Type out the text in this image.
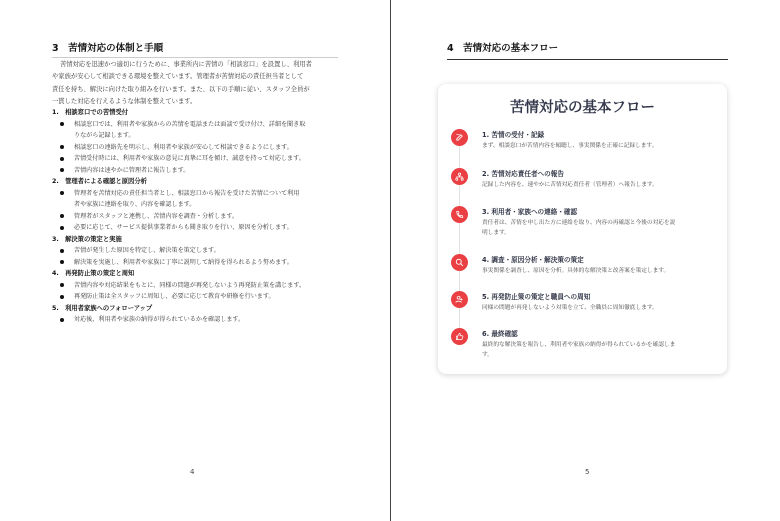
3　苦情対応の体制と手順
苦情対応を迅速かつ適切に行うために、事業所内に苦情の「相談窓口」を設置し、利用者
や家族が安心して相談できる環境を整えています。管理者が苦情対応の責任担当者として
責任を持ち、解決に向けた取り組みを行います。また、以下の手順に従い、スタッフ全員が
一貫した対応を行えるような体制を整えています。
1.　相談窓口での苦情受付
相談窓口では、利用者や家族からの苦情を電話または面談で受け付け、詳細を聞き取
りながら記録します。
相談窓口の連絡先を明示し、利用者や家族が安心して相談できるようにします。
苦情受付時には、利用者や家族の意見に真摯に耳を傾け、誠意を持って対応します。
苦情内容は速やかに管理者に報告します。
2.　管理者による確認と原因分析
管理者を苦情対応の責任担当者とし、相談窓口から報告を受けた苦情について利用
者や家族に連絡を取り、内容を確認します。
管理者がスタッフと連携し、苦情内容を調査・分析します。
必要に応じて、サービス提供事業者からも聞き取りを行い、原因を分析します。
3.　解決策の策定と実施
苦情が発生した原因を特定し、解決策を策定します。
解決策を実施し、利用者や家族に丁寧に説明して納得を得られるよう努めます。
4.　再発防止策の策定と周知
苦情内容や対応結果をもとに、同様の問題が再発しないよう再発防止策を講じます。
再発防止策は全スタッフに周知し、必要に応じて教育や研修を行います。
5.　利用者家族へのフォローアップ
対応後、利用者や家族の納得が得られているかを確認します。
4
4　苦情対応の基本フロー
苦情対応の基本フロー
1. 苦情の受付・記録
まず、相談窓口が苦情内容を傾聴し、事実関係を正確に記録します。
2. 苦情対応責任者への報告
記録した内容を、速やかに苦情対応責任者（管理者）へ報告します。
3. 利用者・家族への連絡・確認
責任者は、苦情を申し出た方に連絡を取り、内容の再確認と今後の対応を説
明します。
4. 調査・原因分析・解決策の策定
事実関係を調査し、原因を分析。具体的な解決策と改善案を策定します。
5. 再発防止策の策定と職員への周知
同様の問題が再発しないよう対策を立て、全職員に周知徹底します。
6. 最終確認
最終的な解決策を報告し、利用者や家族の納得が得られているかを確認しま
す。
5
